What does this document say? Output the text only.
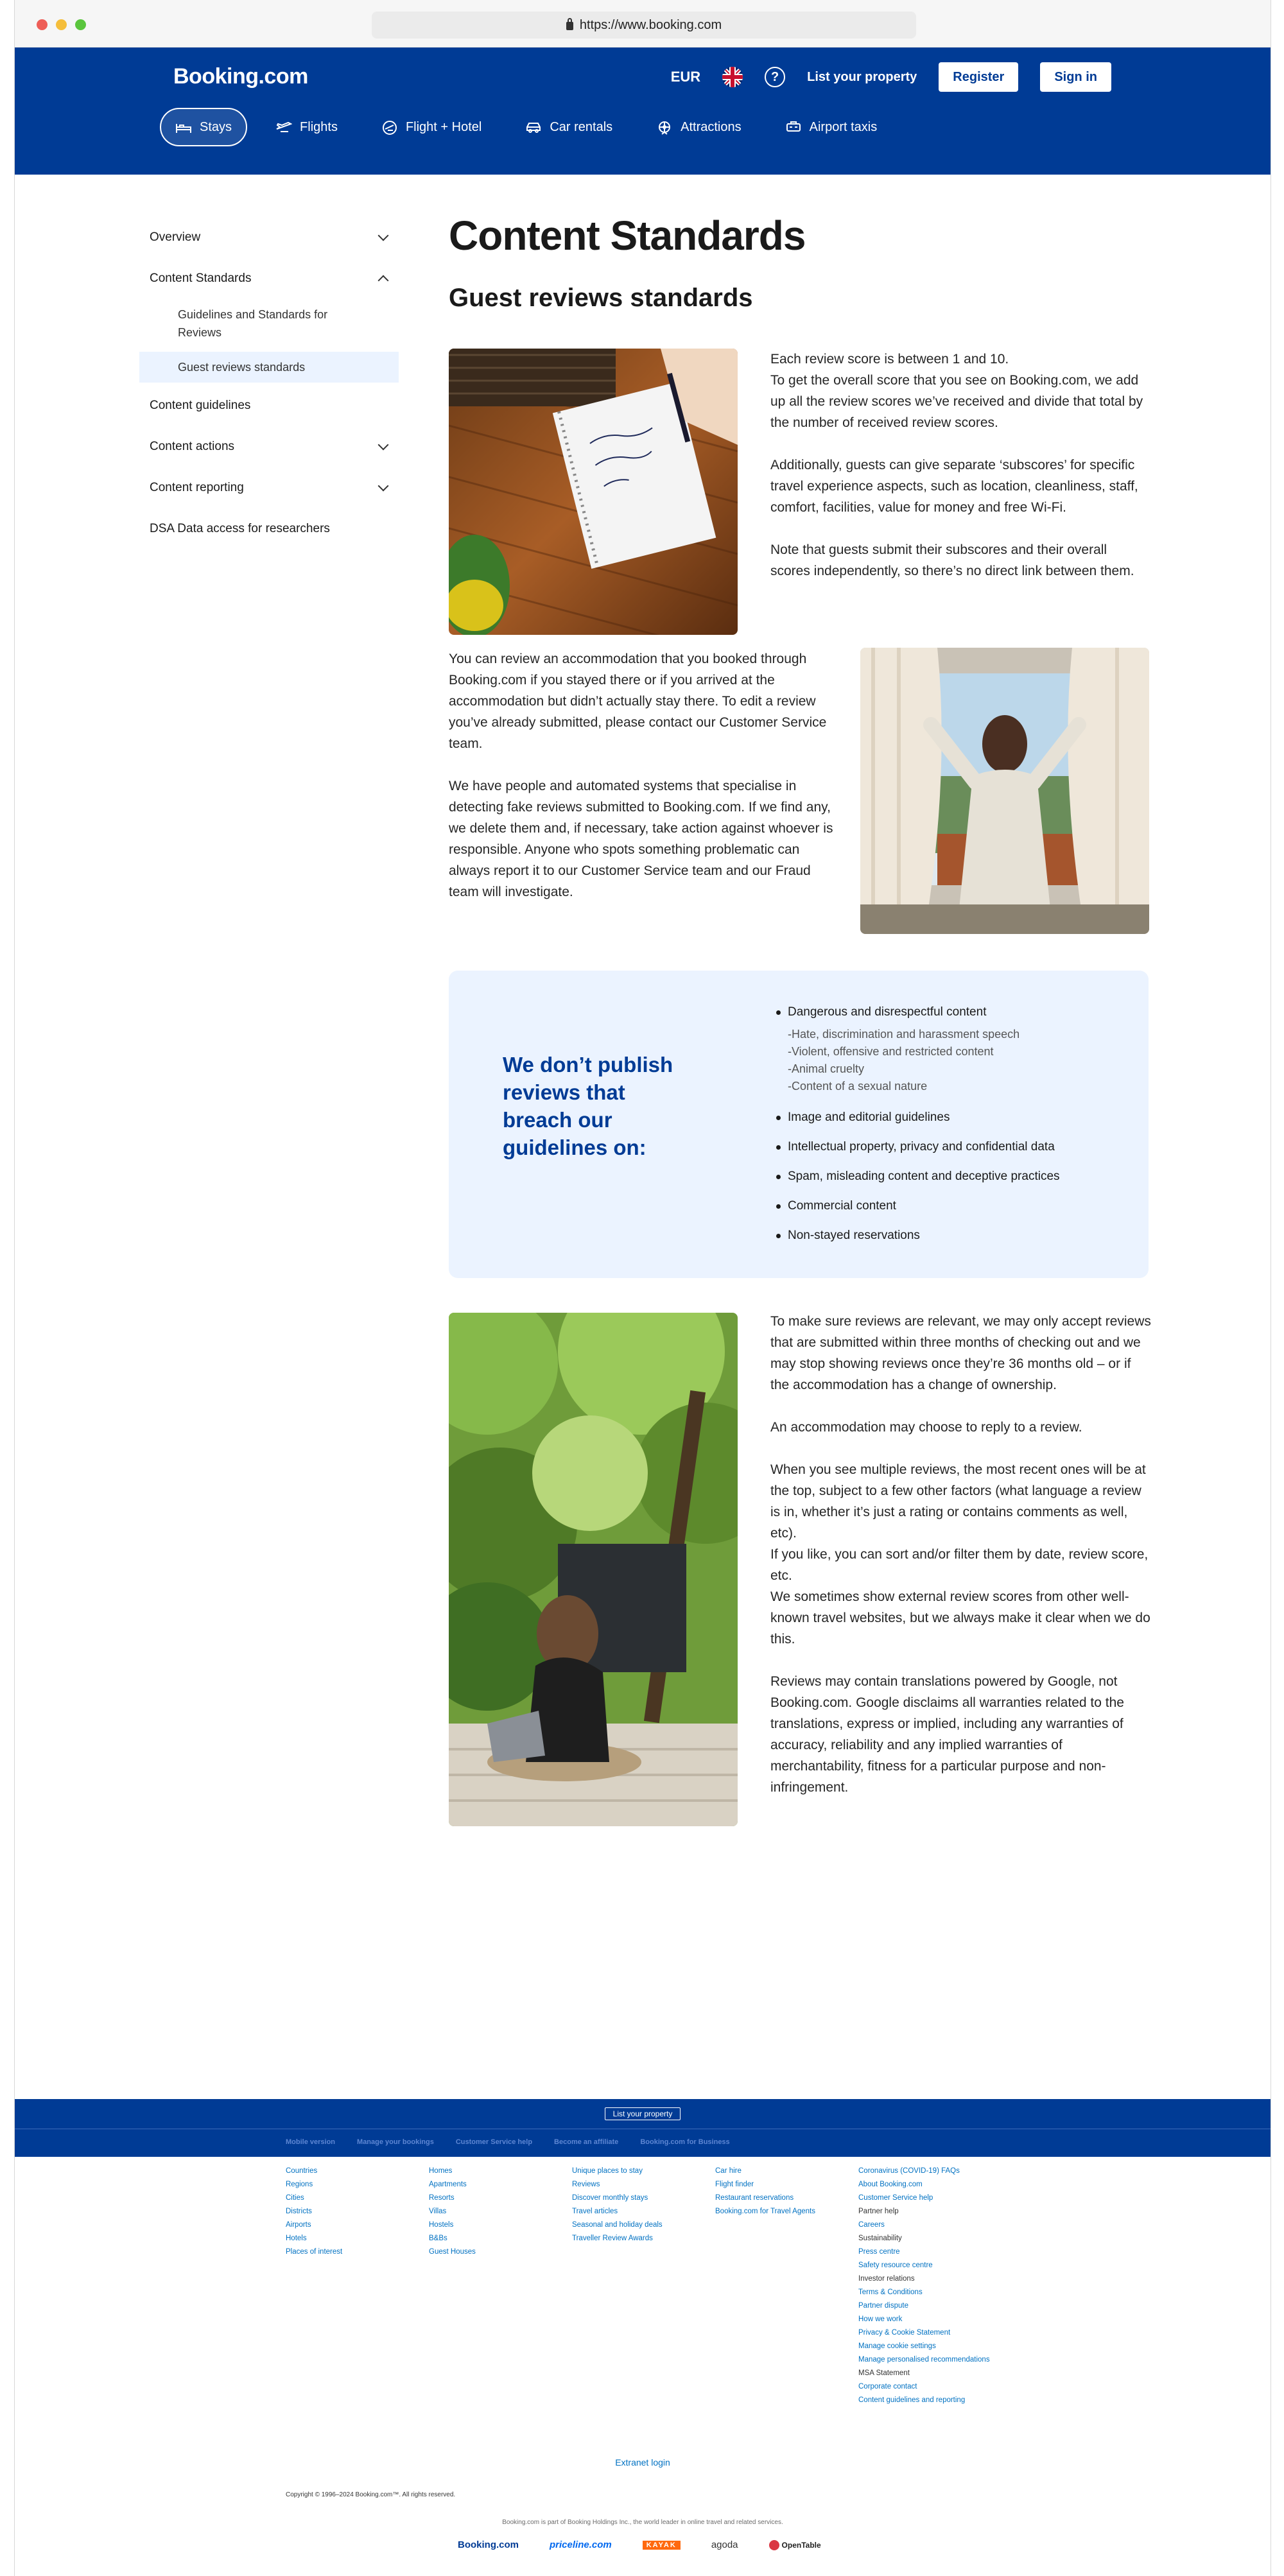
https://www.booking.com
Booking.com	EUR	? List your property	Register	Sign in
Stays	Flights	Flight + Hotel	Car rentals	Attractions	Airport taxis
Overview
Content Standards
Guidelines and Standards for Reviews
Guest reviews standards
Content guidelines
Content actions
Content reporting
DSA Data access for researchers
Content Standards
Guest reviews standards

Each review score is between 1 and 10.
To get the overall score that you see on Booking.com, we add up all the review scores we’ve received and divide that total by the number of received review scores.

Additionally, guests can give separate ‘subscores’ for specific travel experience aspects, such as location, cleanliness, staff, comfort, facilities, value for money and free Wi-Fi.

Note that guests submit their subscores and their overall scores independently, so there’s no direct link between them.

You can review an accommodation that you booked through Booking.com if you stayed there or if you arrived at the accommodation but didn’t actually stay there. To edit a review you’ve already submitted, please contact our Customer Service team.

We have people and automated systems that specialise in detecting fake reviews submitted to Booking.com. If we find any, we delete them and, if necessary, take action against whoever is responsible. Anyone who spots something problematic can always report it to our Customer Service team and our Fraud team will investigate.

We don’t publish reviews that breach our guidelines on:
Dangerous and disrespectful content
-Hate, discrimination and harassment speech
-Violent, offensive and restricted content
-Animal cruelty
-Content of a sexual nature
Image and editorial guidelines
Intellectual property, privacy and confidential data
Spam, misleading content and deceptive practices
Commercial content
Non-stayed reservations

To make sure reviews are relevant, we may only accept reviews that are submitted within three months of checking out and we may stop showing reviews once they’re 36 months old – or if the accommodation has a change of ownership.

An accommodation may choose to reply to a review.

When you see multiple reviews, the most recent ones will be at the top, subject to a few other factors (what language a review is in, whether it’s just a rating or contains comments as well, etc).
If you like, you can sort and/or filter them by date, review score, etc.
We sometimes show external review scores from other well-known travel websites, but we always make it clear when we do this.

Reviews may contain translations powered by Google, not Booking.com. Google disclaims all warranties related to the translations, express or implied, including any warranties of accuracy, reliability and any implied warranties of merchantability, fitness for a particular purpose and non-infringement.

List your property
Mobile version	Manage your bookings	Customer Service help	Become an affiliate	Booking.com for Business
Countries
Regions
Cities
Districts
Airports
Hotels
Places of interest
Homes
Apartments
Resorts
Villas
Hostels
B&Bs
Guest Houses
Unique places to stay
Reviews
Discover monthly stays
Travel articles
Seasonal and holiday deals
Traveller Review Awards
Car hire
Flight finder
Restaurant reservations
Booking.com for Travel Agents
Coronavirus (COVID-19) FAQs
About Booking.com
Customer Service help
Partner help
Careers
Sustainability
Press centre
Safety resource centre
Investor relations
Terms & Conditions
Partner dispute
How we work
Privacy & Cookie Statement
Manage cookie settings
Manage personalised recommendations
MSA Statement
Corporate contact
Content guidelines and reporting
Extranet login
Copyright © 1996–2024 Booking.com™. All rights reserved.
Booking.com is part of Booking Holdings Inc., the world leader in online travel and related services.
Booking.com	priceline.com	KAYAK	agoda	OpenTable
